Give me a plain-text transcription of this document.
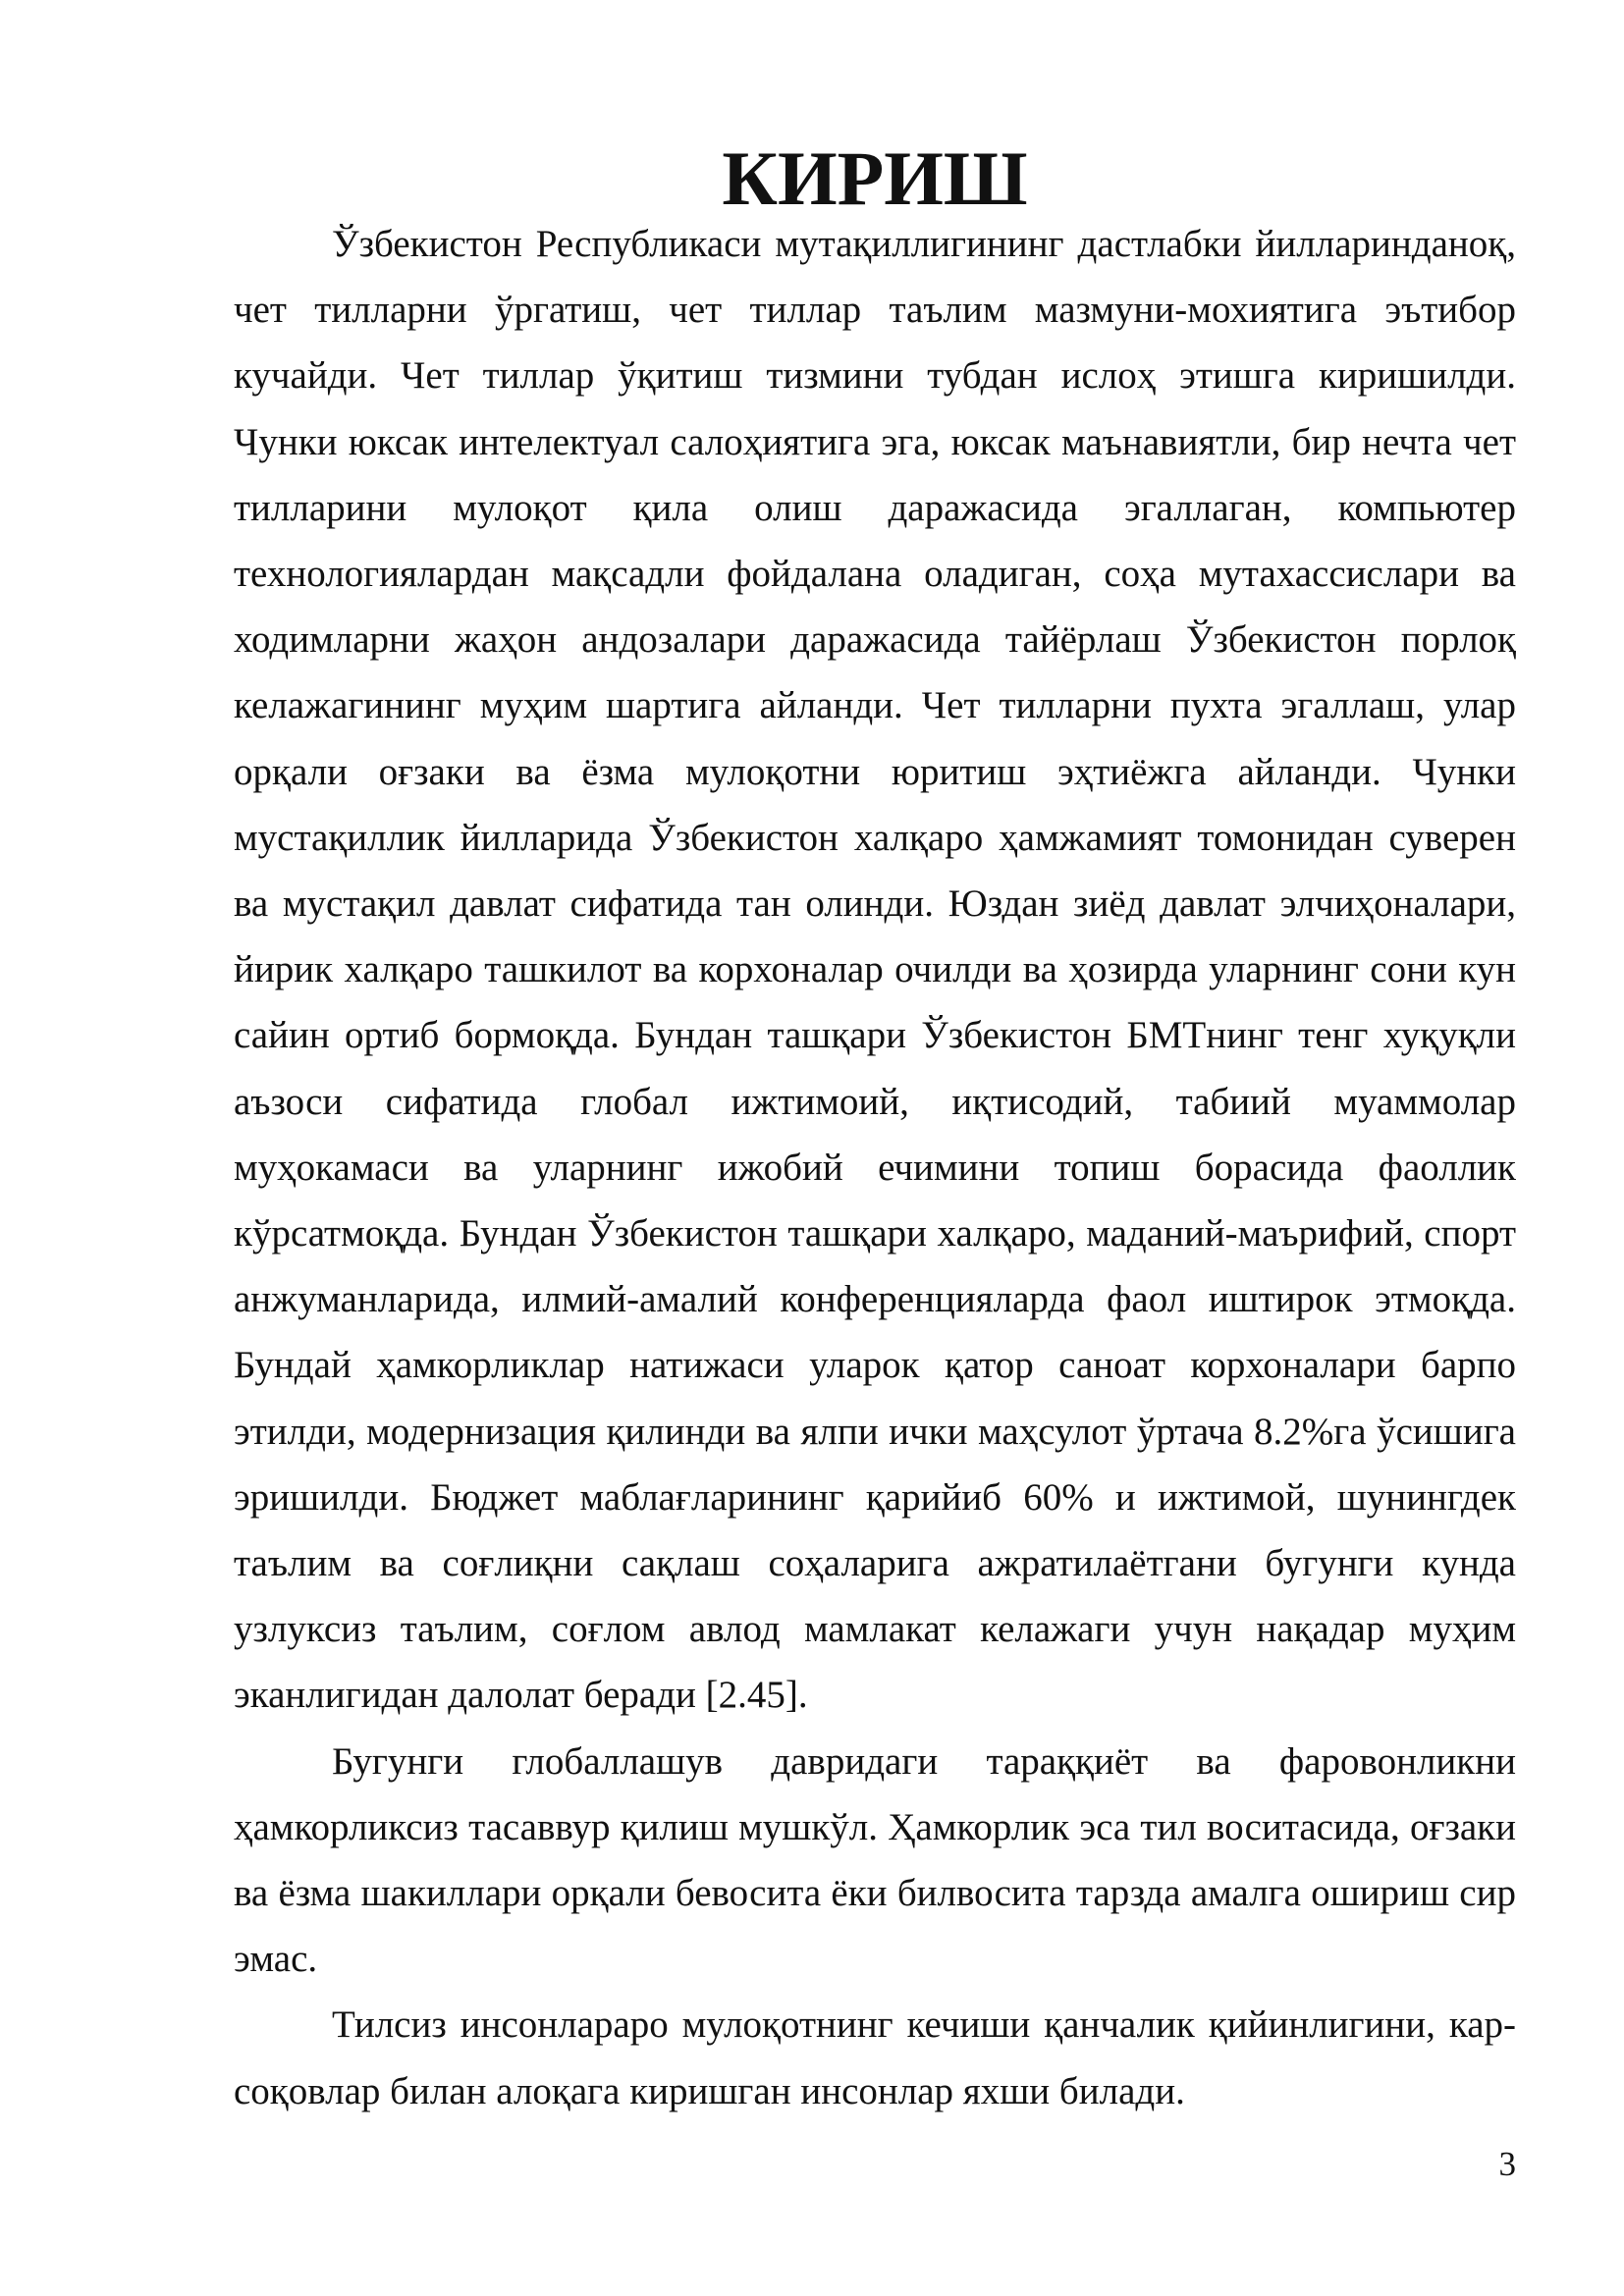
КИРИШ

Ўзбекистон Республикаси мутақиллигининг дастлабки йилларинданоқ, чет тилларни ўргатиш, чет тиллар таълим мазмуни-мохиятига эътибор кучайди. Чет тиллар ўқитиш тизмини тубдан ислоҳ этишга киришилди. Чунки юксак интелектуал салоҳиятига эга, юксак маънавиятли, бир нечта чет тилларини мулоқот қила олиш даражасида эгаллаган, компьютер технологиялардан мақсадли фойдалана оладиган, соҳа мутахассислари ва ходимларни жаҳон андозалари даражасида тайёрлаш Ўзбекистон порлоқ келажагининг муҳим шартига айланди. Чет тилларни пухта эгаллаш, улар орқали оғзаки ва ёзма мулоқотни юритиш эҳтиёжга айланди. Чунки мустақиллик йилларида Ўзбекистон халқаро ҳамжамият томонидан суверен ва мустақил давлат сифатида тан олинди. Юздан зиёд давлат элчиҳоналари, йирик халқаро ташкилот ва корхоналар очилди ва ҳозирда уларнинг сони кун сайин ортиб бормоқда. Бундан ташқари Ўзбекистон БМТнинг тенг хуқуқли аъзоси сифатида глобал ижтимоий, иқтисодий, табиий муаммолар муҳокамаси ва уларнинг ижобий ечимини топиш борасида фаоллик кўрсатмоқда. Бундан Ўзбекистон ташқари халқаро, маданий-маърифий, спорт анжуманларида, илмий-амалий конференцияларда фаол иштирок этмоқда. Бундай ҳамкорликлар натижаси уларок қатор саноат корхоналари барпо этилди, модернизация қилинди ва ялпи ички маҳсулот ўртача 8.2%га ўсишига эришилди. Бюджет маблағларининг қарийиб 60% и ижтимой, шунингдек таълим ва соғлиқни сақлаш соҳаларига ажратилаётгани бугунги кунда узлуксиз таълим, соғлом авлод мамлакат келажаги учун нақадар муҳим эканлигидан далолат беради [2.45].

Бугунги глобаллашув давридаги тараққиёт ва фаровонликни ҳамкорликсиз тасаввур қилиш мушкўл. Ҳамкорлик эса тил воситасида, оғзаки ва ёзма шакиллари орқали бевосита ёки билвосита тарзда амалга ошириш сир эмас.

Тилсиз инсонлараро мулоқотнинг кечиши қанчалик қийинлигини, кар-соқовлар билан алоқага киришган инсонлар яхши билади.

3
